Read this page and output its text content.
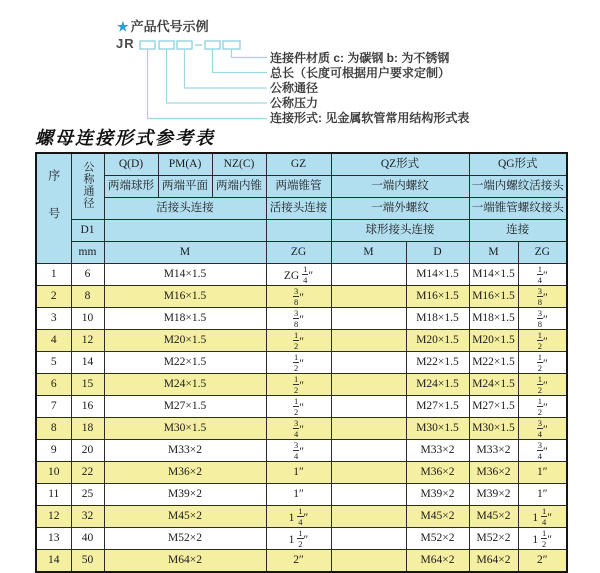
★ 产品代号示例
JR
连接件材质 c: 为碳钢 b: 为不锈钢
总长（长度可根据用户要求定制）
公称通径
公称压力
连接形式: 见金属软管常用结构形式表
螺母连接形式参考表
序号	公称通径	Q(D)	PM(A)	NZ(C)	GZ	QZ形式		QG形式	
		两端球形	两端平面	两端内锥	两端锥管	一端内螺纹		一端内螺纹活接头	
		活接头连接			活接头连接	一端外螺纹		一端锥管螺纹接头	
	D1					球形接头连接		连接	
	mm	M			ZG	M	D	M	ZG
1	6	M14×1.5			ZG $\frac{1}{4}$ ″		M14×1.5	M14×1.5	$\frac{1}{4}$ ″
2	8	M16×1.5			$\frac{3}{8}$ ″		M16×1.5	M16×1.5	$\frac{3}{8}$ ″
3	10	M18×1.5			$\frac{3}{8}$ ″		M18×1.5	M18×1.5	$\frac{3}{8}$ ″
4	12	M20×1.5			$\frac{1}{2}$ ″		M20×1.5	M20×1.5	$\frac{1}{2}$ ″
5	14	M22×1.5			$\frac{1}{2}$ ″		M22×1.5	M22×1.5	$\frac{1}{2}$ ″
6	15	M24×1.5			$\frac{1}{2}$ ″		M24×1.5	M24×1.5	$\frac{1}{2}$ ″
7	16	M27×1.5			$\frac{1}{2}$ ″		M27×1.5	M27×1.5	$\frac{1}{2}$ ″
8	18	M30×1.5			$\frac{3}{4}$ ″		M30×1.5	M30×1.5	$\frac{3}{4}$ ″
9	20	M33×2			$\frac{3}{4}$ ″		M33×2	M33×2	$\frac{3}{4}$ ″
10	22	M36×2			1″		M36×2	M36×2	1″
11	25	M39×2			1″		M39×2	M39×2	1″
12	32	M45×2			$1 \frac{1}{4}$ ″		M45×2	M45×2	$1 \frac{1}{4}$ ″
13	40	M52×2			$1 \frac{1}{2}$ ″		M52×2	M52×2	$1 \frac{1}{2}$ ″
14	50	M64×2			2″		M64×2	M64×2	2″
